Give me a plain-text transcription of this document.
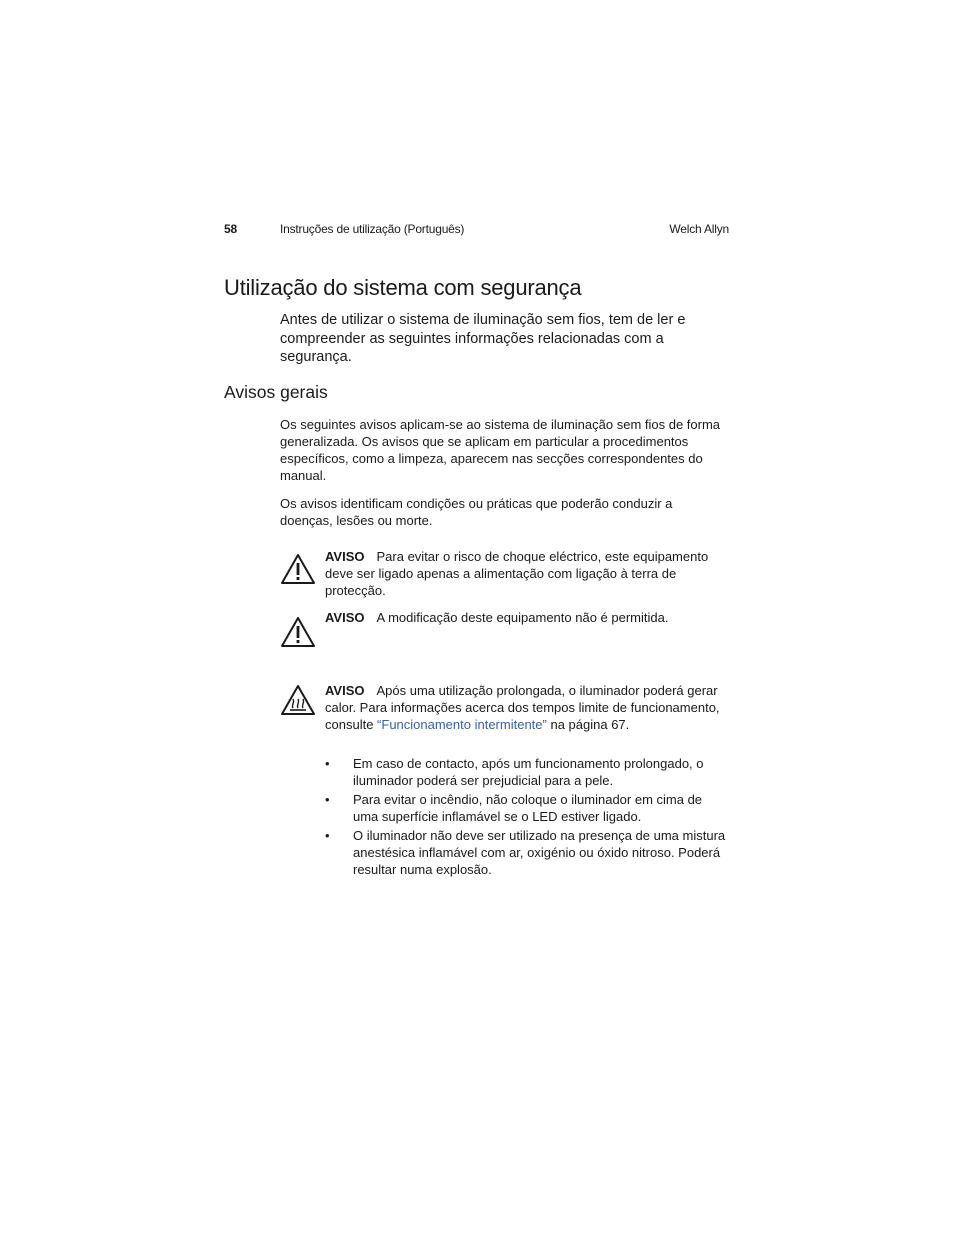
58	Instruções de utilização (Português)	Welch Allyn
Utilização do sistema com segurança

Antes de utilizar o sistema de iluminação sem fios, tem de ler e compreender as seguintes informações relacionadas com a segurança.

Avisos gerais

Os seguintes avisos aplicam-se ao sistema de iluminação sem fios de forma generalizada. Os avisos que se aplicam em particular a procedimentos específicos, como a limpeza, aparecem nas secções correspondentes do manual.

Os avisos identificam condições ou práticas que poderão conduzir a doenças, lesões ou morte.

AVISO Para evitar o risco de choque eléctrico, este equipamento deve ser ligado apenas a alimentação com ligação à terra de protecção.

AVISO A modificação deste equipamento não é permitida.

AVISO Após uma utilização prolongada, o iluminador poderá gerar calor. Para informações acerca dos tempos limite de funcionamento, consulte “Funcionamento intermitente” na página 67.

• Em caso de contacto, após um funcionamento prolongado, o iluminador poderá ser prejudicial para a pele.
• Para evitar o incêndio, não coloque o iluminador em cima de uma superfície inflamável se o LED estiver ligado.
• O iluminador não deve ser utilizado na presença de uma mistura anestésica inflamável com ar, oxigénio ou óxido nitroso. Poderá resultar numa explosão.
